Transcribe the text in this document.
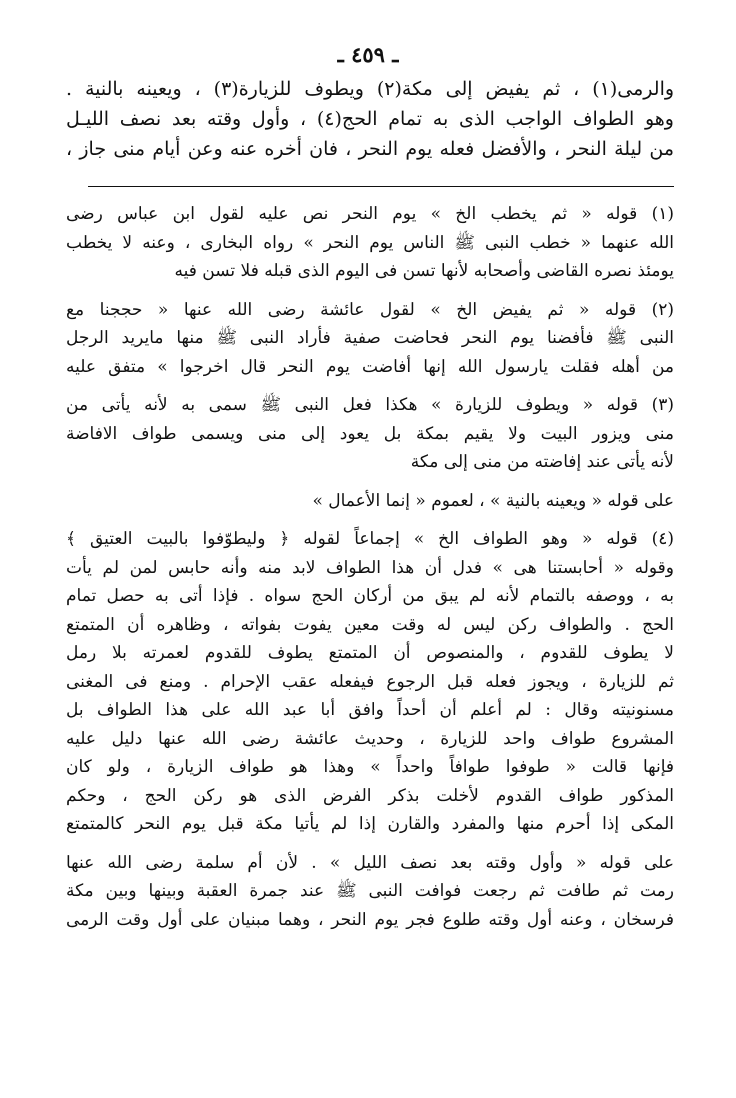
ـ ٤٥٩ ـ
والرمى(١) ، ثم يفيض إلى مكة(٢) ويطوف للزيارة(٣) ، ويعينه بالنية .
وهو الطواف الواجب الذى به تمام الحج(٤) ، وأول وقته بعد نصف الليـل
من ليلة النحر ، والأفضل فعله يوم النحر ، فان أخره عنه وعن أيام منى جاز ،
(١) قوله « ثم يخطب الخ » يوم النحر نص عليه لقول ابن عباس رضى
الله عنهما « خطب النبى ﷺ الناس يوم النحر » رواه البخارى ، وعنه لا يخطب
يومئذ نصره القاضى وأصحابه لأنها تسن فى اليوم الذى قبله فلا تسن فيه
(٢) قوله « ثم يفيض الخ » لقول عائشة رضى الله عنها « حججنا مع
النبى ﷺ فأفضنا يوم النحر فحاضت صفية فأراد النبى ﷺ منها مايريد الرجل
من أهله فقلت يارسول الله إنها أفاضت يوم النحر قال اخرجوا » متفق عليه
(٣) قوله « ويطوف للزيارة » هكذا فعل النبى ﷺ سمى به لأنه يأتى من
منى ويزور البيت ولا يقيم بمكة بل يعود إلى منى ويسمى طواف الافاضة
لأنه يأتى عند إفاضته من منى إلى مكة
على قوله « ويعينه بالنية » ، لعموم « إنما الأعمال »
(٤) قوله « وهو الطواف الخ » إجماعاً لقوله ﴿ وليطوّفوا بالبيت العتيق ﴾
وقوله « أحابستنا هى » فدل أن هذا الطواف لابد منه وأنه حابس لمن لم يأت
به ، ووصفه بالتمام لأنه لم يبق من أركان الحج سواه . فإذا أتى به حصل تمام
الحج . والطواف ركن ليس له وقت معين يفوت بفواته ، وظاهره أن المتمتع
لا يطوف للقدوم ، والمنصوص أن المتمتع يطوف للقدوم لعمرته بلا رمل
ثم للزيارة ، ويجوز فعله قبل الرجوع فيفعله عقب الإحرام . ومنع فى المغنى
مسنونيته وقال : لم أعلم أن أحداً وافق أبا عبد الله على هذا الطواف بل
المشروع طواف واحد للزيارة ، وحديث عائشة رضى الله عنها دليل عليه
فإنها قالت « طوفوا طوافاً واحداً » وهذا هو طواف الزيارة ، ولو كان
المذكور طواف القدوم لأخلت بذكر الفرض الذى هو ركن الحج ، وحكم
المكى إذا أحرم منها والمفرد والقارن إذا لم يأتيا مكة قبل يوم النحر كالمتمتع
على قوله « وأول وقته بعد نصف الليل » . لأن أم سلمة رضى الله عنها
رمت ثم طافت ثم رجعت فوافت النبى ﷺ عند جمرة العقبة وبينها وبين مكة
فرسخان ، وعنه أول وقته طلوع فجر يوم النحر ، وهما مبنيان على أول وقت الرمى
